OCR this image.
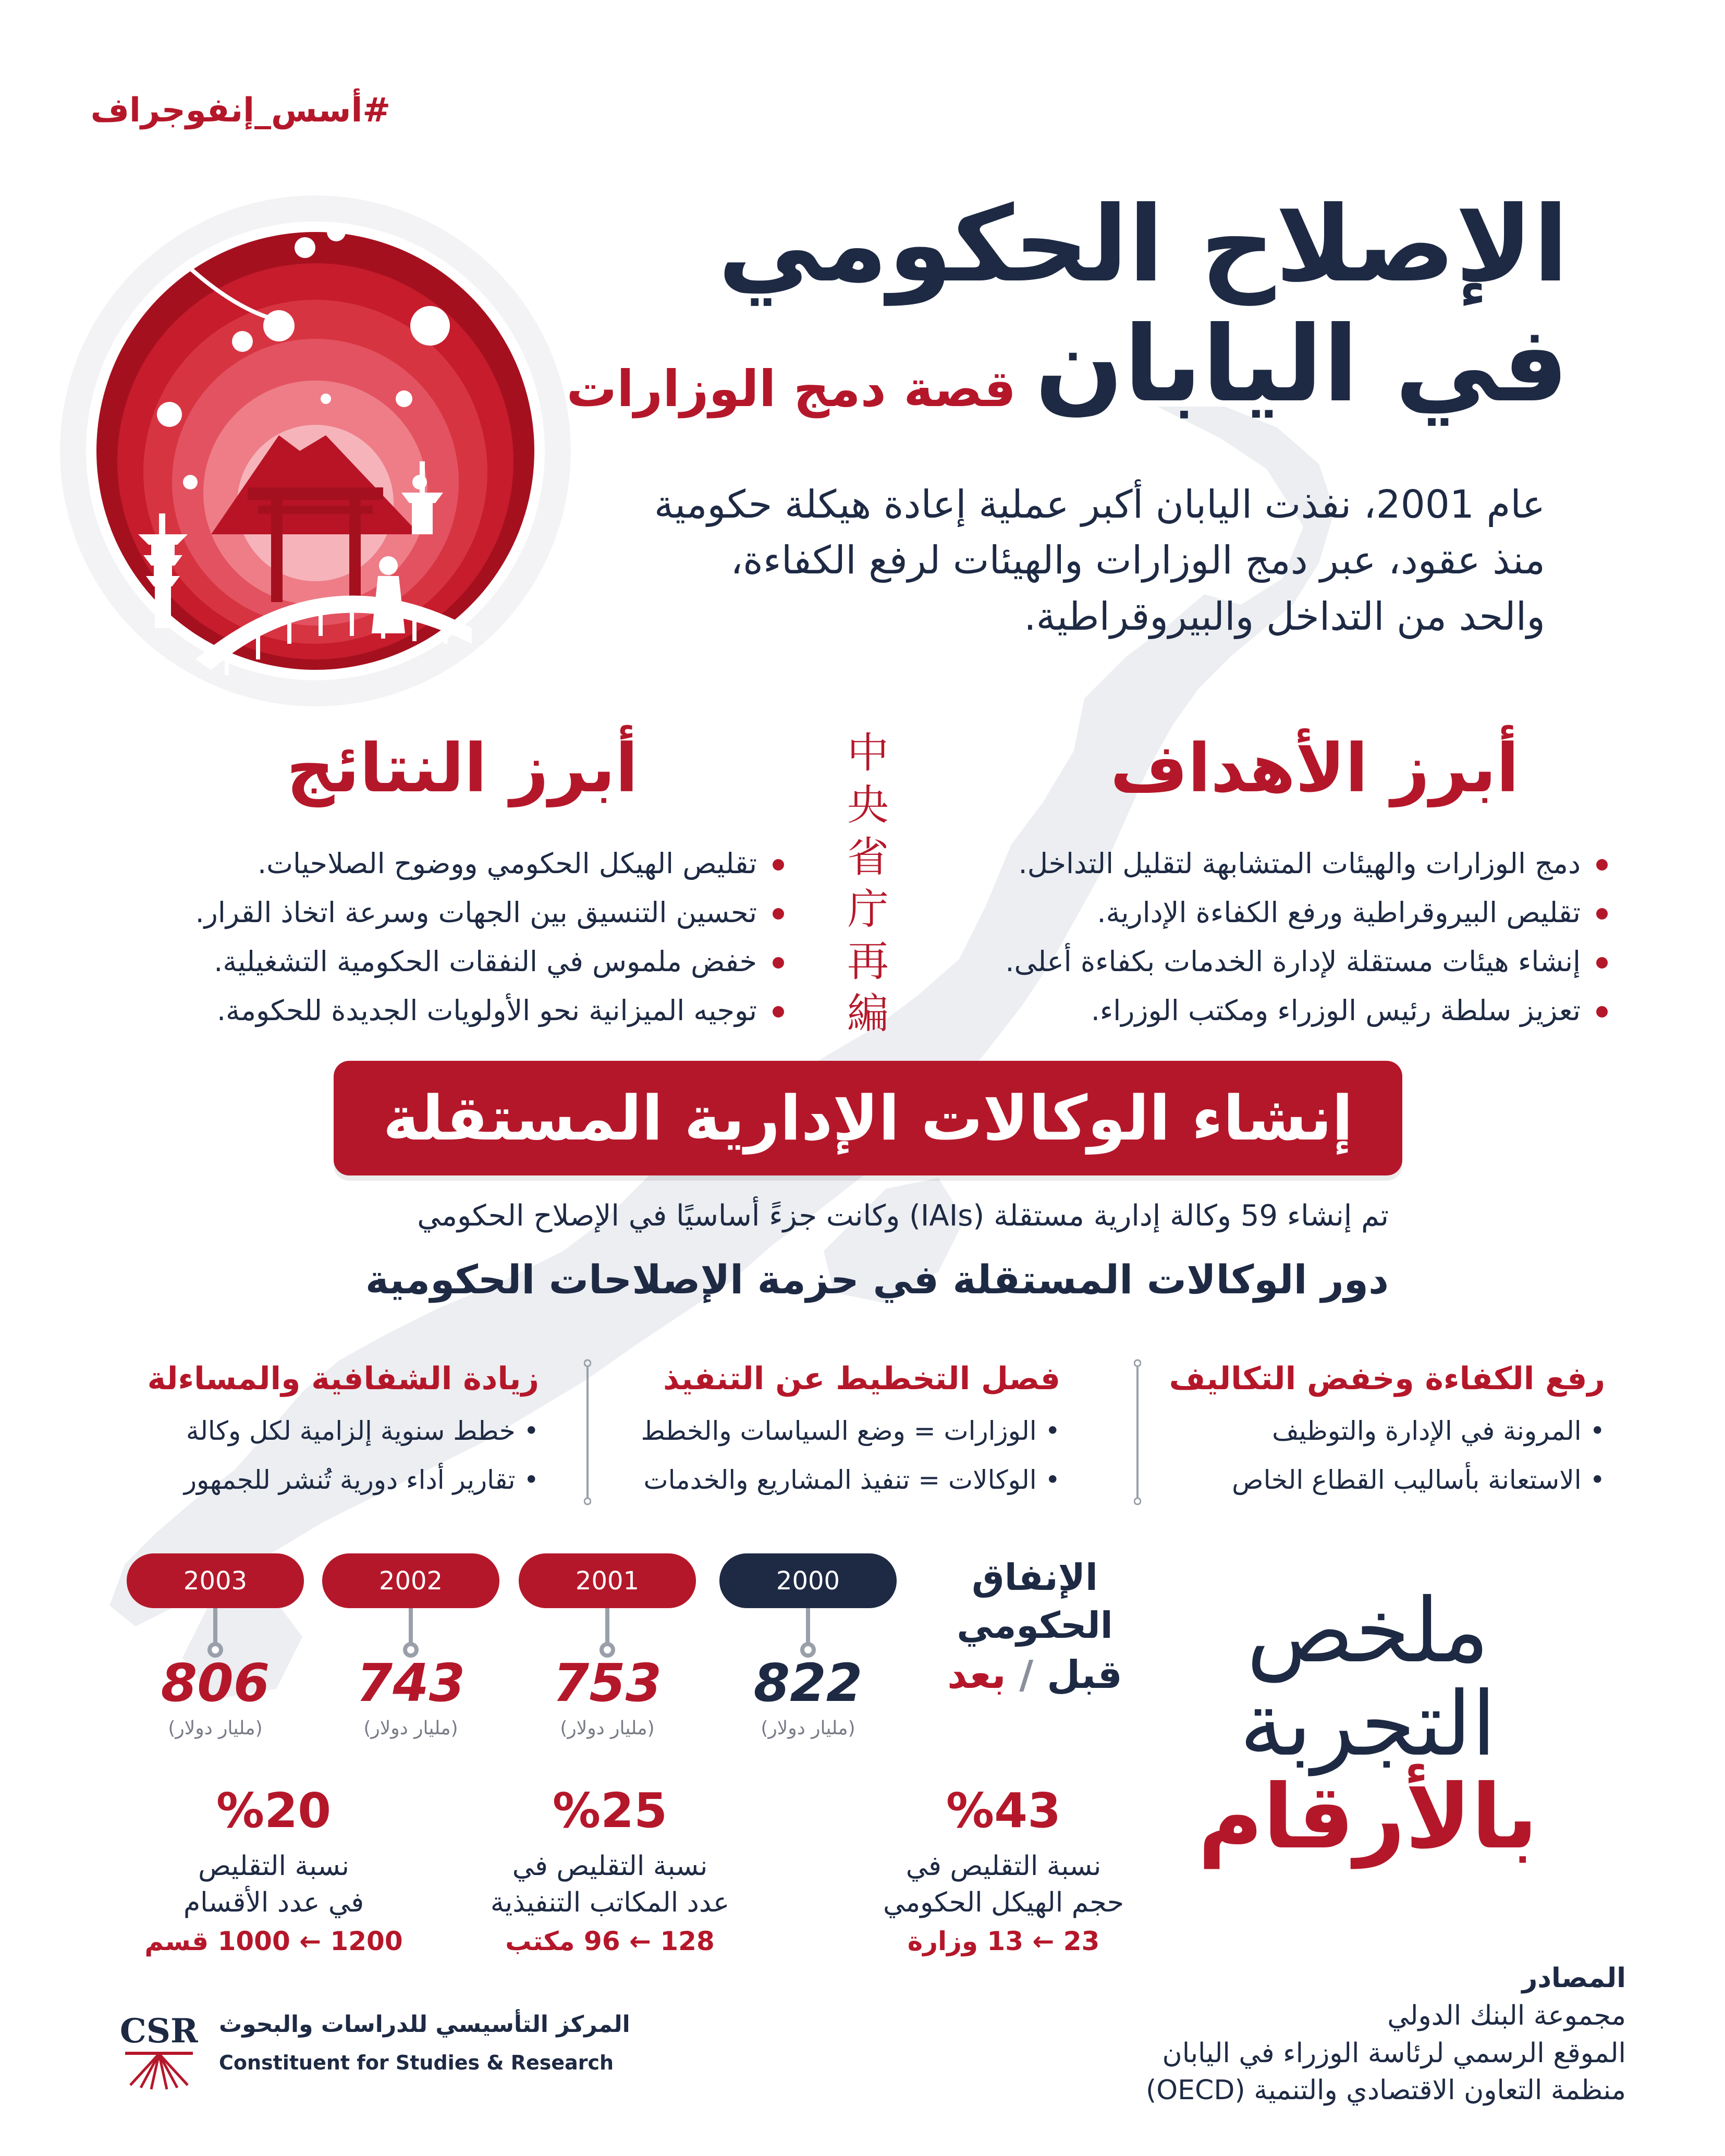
#أسس_إنفوجراف
الإصلاح الحكومي
في اليابان
قصة دمج الوزارات
عام 2001، نفذت اليابان أكبر عملية إعادة هيكلة حكومية منذ عقود، عبر دمج الوزارات والهيئات لرفع الكفاءة، والحد من التداخل والبيروقراطية.
أبرز الأهداف
دمج الوزارات والهيئات المتشابهة لتقليل التداخل.
تقليص البيروقراطية ورفع الكفاءة الإدارية.
إنشاء هيئات مستقلة لإدارة الخدمات بكفاءة أعلى.
تعزيز سلطة رئيس الوزراء ومكتب الوزراء.
أبرز النتائج
تقليص الهيكل الحكومي ووضوح الصلاحيات.
تحسين التنسيق بين الجهات وسرعة اتخاذ القرار.
خفض ملموس في النفقات الحكومية التشغيلية.
توجيه الميزانية نحو الأولويات الجديدة للحكومة.
中
央
省
庁
再
編
إنشاء الوكالات الإدارية المستقلة
تم إنشاء 59 وكالة إدارية مستقلة (IAIs) وكانت جزءً أساسيًا في الإصلاح الحكومي
دور الوكالات المستقلة في حزمة الإصلاحات الحكومية
رفع الكفاءة وخفض التكاليف
• المرونة في الإدارة والتوظيف
• الاستعانة بأساليب القطاع الخاص
فصل التخطيط عن التنفيذ
• الوزارات = وضع السياسات والخطط
• الوكالات = تنفيذ المشاريع والخدمات
زيادة الشفافية والمساءلة
• خطط سنوية إلزامية لكل وكالة
• تقارير أداء دورية تُنشر للجمهور
ملخص
التجربة
بالأرقام
الإنفاق
الحكومي
قبل / بعد
2000
2001
2002
2003
822
753
743
806
(مليار دولار)
(مليار دولار)
(مليار دولار)
(مليار دولار)
%43
نسبة التقليص في
حجم الهيكل الحكومي
23 ← 13 وزارة
%25
نسبة التقليص في
عدد المكاتب التنفيذية
128 ← 96 مكتب
%20
نسبة التقليص
في عدد الأقسام
1200 ← 1000 قسم
المصادر
مجموعة البنك الدولي
الموقع الرسمي لرئاسة الوزراء في اليابان
منظمة التعاون الاقتصادي والتنمية (OECD)
CSR المركز التأسيسي للدراسات والبحوث
Constituent for Studies & Research
